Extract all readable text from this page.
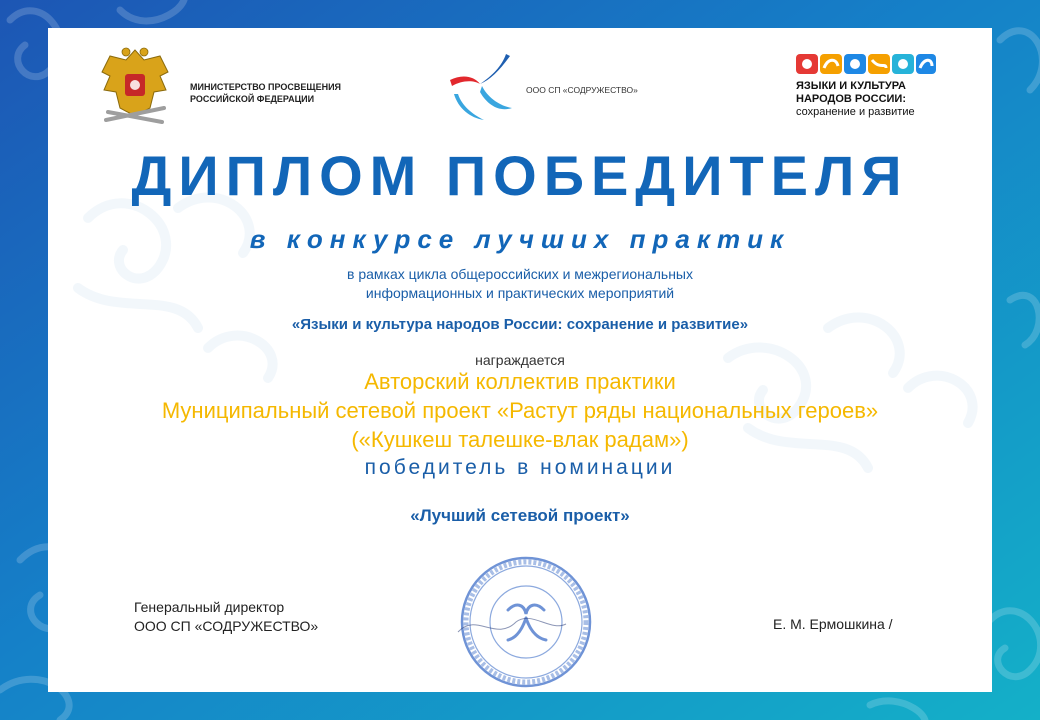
МИНИСТЕРСТВО ПРОСВЕЩЕНИЯ
РОССИЙСКОЙ ФЕДЕРАЦИИ
ООО СП «СОДРУЖЕСТВО»	ЯЗЫКИ И КУЛЬТУРА
НАРОДОВ РОССИИ:
сохранение и развитие
ДИПЛОМ ПОБЕДИТЕЛЯ
в конкурсе лучших практик
в рамках цикла общероссийских и межрегиональных
информационных и практических мероприятий
«Языки и культура народов России: сохранение и развитие»
награждается
Авторский коллектив практики
Муниципальный сетевой проект «Растут ряды национальных героев»
(«Кушкеш талешке-влак радам»)
победитель в номинации
«Лучший сетевой проект»
Генеральный директор
ООО СП «СОДРУЖЕСТВО»	Е. М. Ермошкина /
